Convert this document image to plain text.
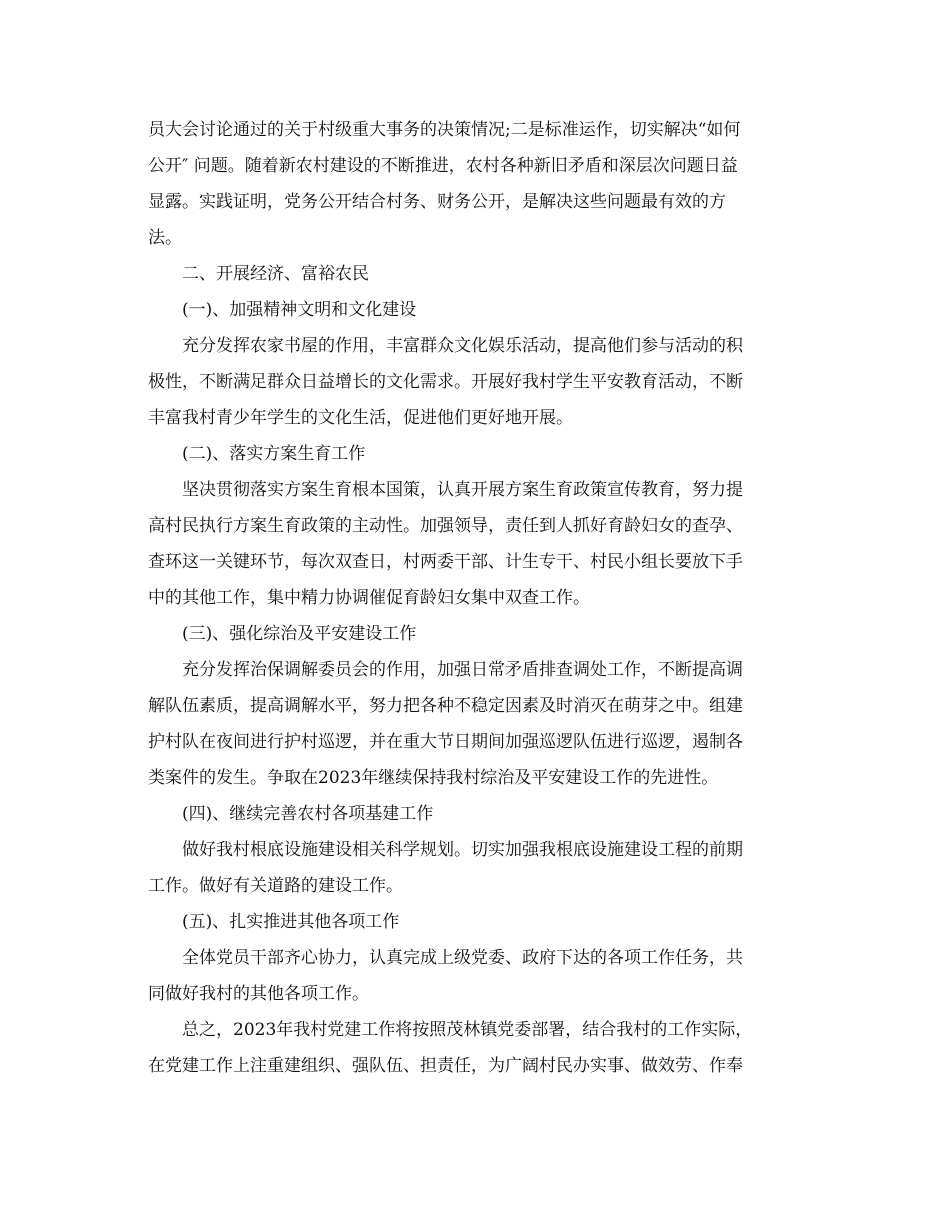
员大会讨论通过的关于村级重大事务的决策情况;二是标准运作，切实解决“如何
公开″ 问题。随着新农村建设的不断推进，农村各种新旧矛盾和深层次问题日益
显露。实践证明，党务公开结合村务、财务公开，是解决这些问题最有效的方
法。
二、开展经济、富裕农民
(一)、加强精神文明和文化建设
充分发挥农家书屋的作用，丰富群众文化娱乐活动，提高他们参与活动的积
极性，不断满足群众日益增长的文化需求。开展好我村学生平安教育活动，不断
丰富我村青少年学生的文化生活，促进他们更好地开展。
(二)、落实方案生育工作
坚决贯彻落实方案生育根本国策，认真开展方案生育政策宣传教育，努力提
高村民执行方案生育政策的主动性。加强领导，责任到人抓好育龄妇女的查孕、
查环这一关键环节，每次双查日，村两委干部、计生专干、村民小组长要放下手
中的其他工作，集中精力协调催促育龄妇女集中双查工作。
(三)、强化综治及平安建设工作
充分发挥治保调解委员会的作用，加强日常矛盾排查调处工作，不断提高调
解队伍素质，提高调解水平，努力把各种不稳定因素及时消灭在萌芽之中。组建
护村队在夜间进行护村巡逻，并在重大节日期间加强巡逻队伍进行巡逻，遏制各
类案件的发生。争取在2023年继续保持我村综治及平安建设工作的先进性。
(四)、继续完善农村各项基建工作
做好我村根底设施建设相关科学规划。切实加强我根底设施建设工程的前期
工作。做好有关道路的建设工作。
(五)、扎实推进其他各项工作
全体党员干部齐心协力，认真完成上级党委、政府下达的各项工作任务，共
同做好我村的其他各项工作。
总之，2023年我村党建工作将按照茂林镇党委部署，结合我村的工作实际，
在党建工作上注重建组织、强队伍、担责任，为广阔村民办实事、做效劳、作奉
